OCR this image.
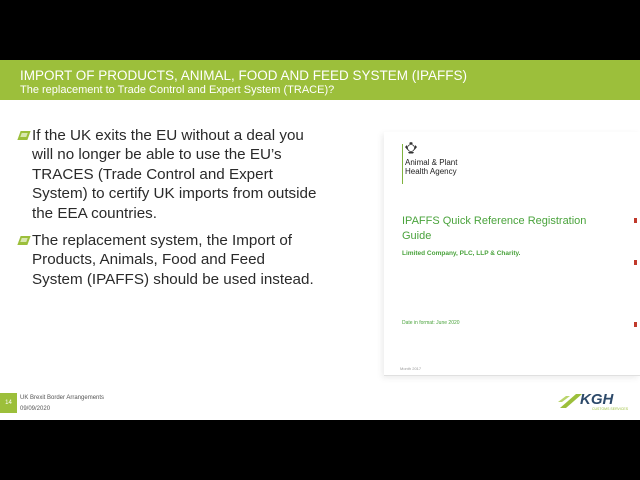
IMPORT OF PRODUCTS, ANIMAL, FOOD AND FEED SYSTEM (IPAFFS)
The replacement to Trade Control and Expert System (TRACE)?
If the UK exits the EU without a deal you will no longer be able to use the EU’s TRACES (Trade Control and Expert System) to certify UK imports from outside the EEA countries.
The replacement system, the Import of Products, Animals, Food and Feed System (IPAFFS) should be used instead.
Animal & Plant Health Agency
IPAFFS Quick Reference Registration Guide
Limited Company, PLC, LLP & Charity.
Date in format: June 2020
Month 2017
14
UK Brexit Border Arrangements
09/09/2020
KGH
CUSTOMS SERVICES
